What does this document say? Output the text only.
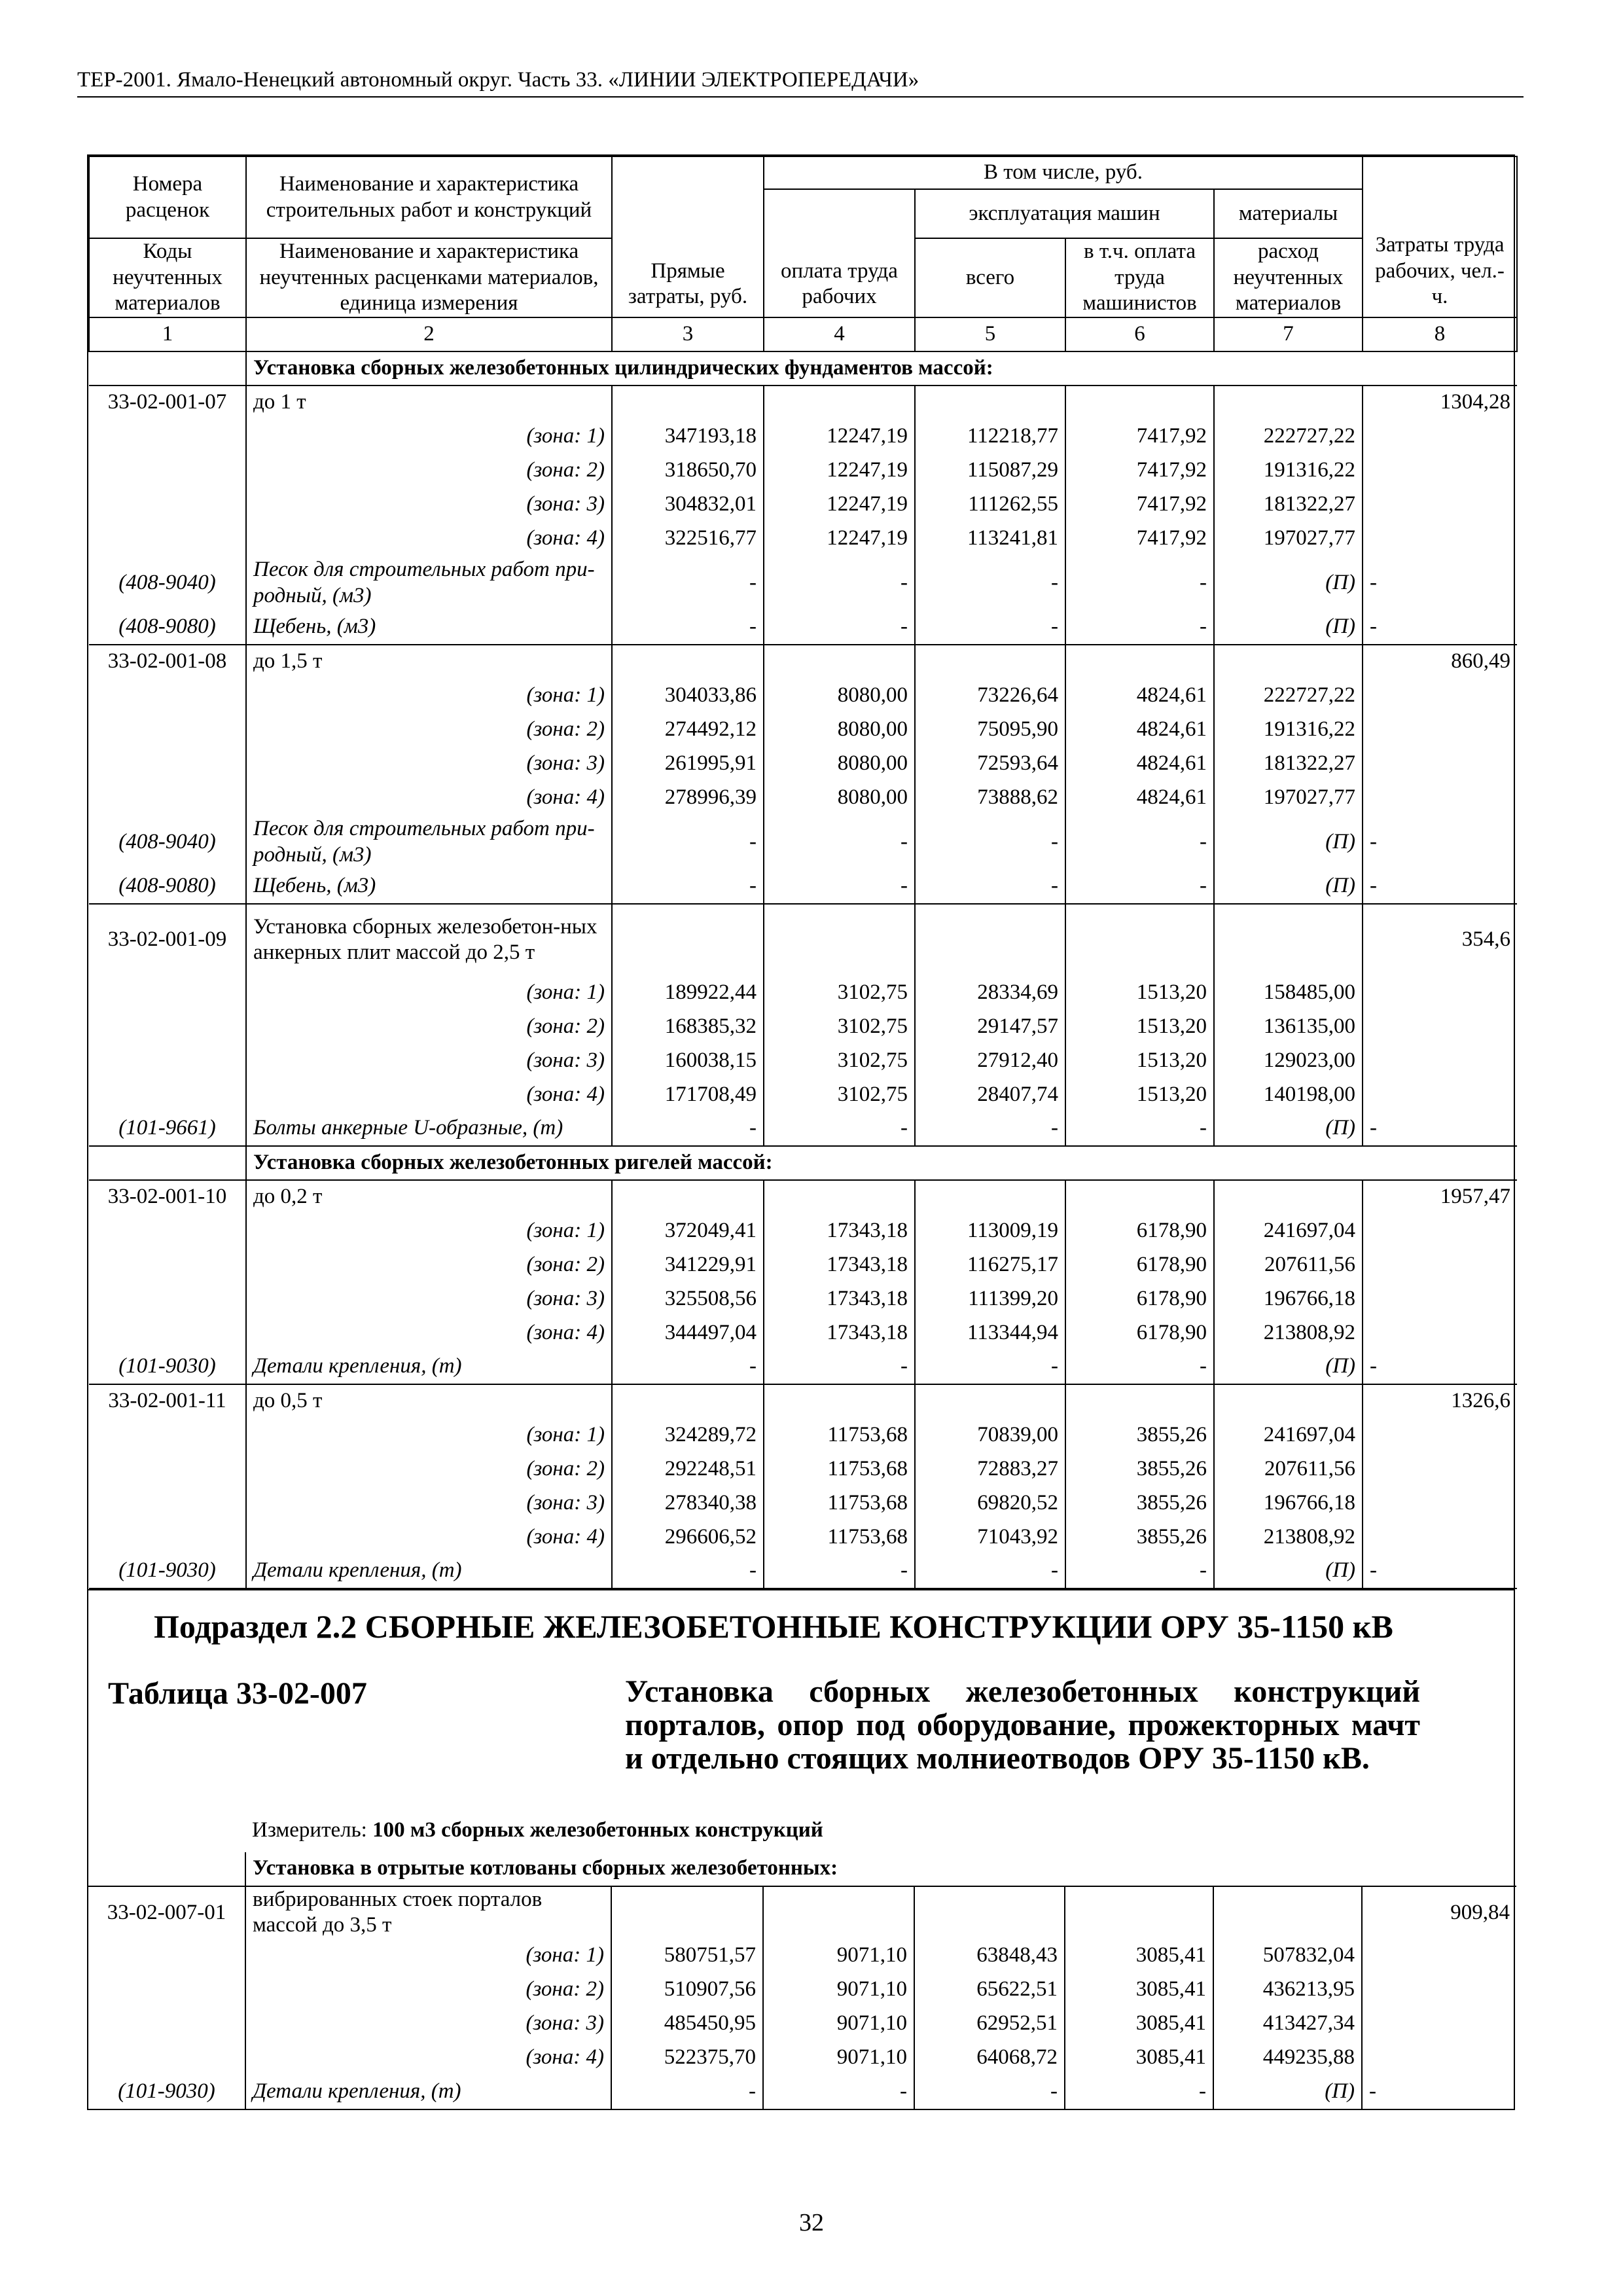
ТЕР-2001. Ямало-Ненецкий автономный округ. Часть 33. «ЛИНИИ ЭЛЕКТРОПЕРЕДАЧИ»
Номера расценок	Наименование и характеристика строительных работ и конструкций	Прямые затраты, руб.	В том числе, руб.				Затраты труда рабочих, чел.-ч.
			оплата труда рабочих	эксплуатация машин		материалы	
Коды неучтенных материалов	Наименование и характеристика неучтенных расценками материалов, единица измерения			всего	в т.ч. оплата труда машинистов	расход неучтенных материалов	

1	2	3	4	5	6	7	8
	Установка сборных железобетонных цилиндрических фундаментов массой:						
33-02-001-07	до 1 т						1304,28
	(зона: 1)	347193,18	12247,19	112218,77	7417,92	222727,22	
	(зона: 2)	318650,70	12247,19	115087,29	7417,92	191316,22	
	(зона: 3)	304832,01	12247,19	111262,55	7417,92	181322,27	
	(зона: 4)	322516,77	12247,19	113241,81	7417,92	197027,77	
(408-9040)	Песок для строительных работ при-родный, (м3)	-	-	-	-	(П)	-
(408-9080)	Щебень, (м3)	-	-	-	-	(П)	-
33-02-001-08	до 1,5 т						860,49
	(зона: 1)	304033,86	8080,00	73226,64	4824,61	222727,22	
	(зона: 2)	274492,12	8080,00	75095,90	4824,61	191316,22	
	(зона: 3)	261995,91	8080,00	72593,64	4824,61	181322,27	
	(зона: 4)	278996,39	8080,00	73888,62	4824,61	197027,77	
(408-9040)	Песок для строительных работ при-родный, (м3)	-	-	-	-	(П)	-
(408-9080)	Щебень, (м3)	-	-	-	-	(П)	-
33-02-001-09	Установка сборных железобетон-ных анкерных плит массой до 2,5 т						354,6
	(зона: 1)	189922,44	3102,75	28334,69	1513,20	158485,00	
	(зона: 2)	168385,32	3102,75	29147,57	1513,20	136135,00	
	(зона: 3)	160038,15	3102,75	27912,40	1513,20	129023,00	
	(зона: 4)	171708,49	3102,75	28407,74	1513,20	140198,00	
(101-9661)	Болты анкерные U-образные, (т)	-	-	-	-	(П)	-
	Установка сборных железобетонных ригелей массой:						
33-02-001-10	до 0,2 т						1957,47
	(зона: 1)	372049,41	17343,18	113009,19	6178,90	241697,04	
	(зона: 2)	341229,91	17343,18	116275,17	6178,90	207611,56	
	(зона: 3)	325508,56	17343,18	111399,20	6178,90	196766,18	
	(зона: 4)	344497,04	17343,18	113344,94	6178,90	213808,92	
(101-9030)	Детали крепления, (т)	-	-	-	-	(П)	-
33-02-001-11	до 0,5 т						1326,6
	(зона: 1)	324289,72	11753,68	70839,00	3855,26	241697,04	
	(зона: 2)	292248,51	11753,68	72883,27	3855,26	207611,56	
	(зона: 3)	278340,38	11753,68	69820,52	3855,26	196766,18	
	(зона: 4)	296606,52	11753,68	71043,92	3855,26	213808,92	
(101-9030)	Детали крепления, (т)	-	-	-	-	(П)	-
Подраздел 2.2 СБОРНЫЕ ЖЕЛЕЗОБЕТОННЫЕ КОНСТРУКЦИИ ОРУ 35-1150 кВ
Таблица 33-02-007	Установка сборных железобетонных конструкций порталов, опор под оборудование, прожекторных мачт и отдельно стоящих молниеотводов ОРУ 35-1150 кВ.
Измеритель: 100 м3 сборных железобетонных конструкций
	Установка в отрытые котлованы сборных железобетонных:						
33-02-007-01	вибрированных стоек порталов массой до 3,5 т						909,84
	(зона: 1)	580751,57	9071,10	63848,43	3085,41	507832,04	
	(зона: 2)	510907,56	9071,10	65622,51	3085,41	436213,95	
	(зона: 3)	485450,95	9071,10	62952,51	3085,41	413427,34	
	(зона: 4)	522375,70	9071,10	64068,72	3085,41	449235,88	
(101-9030)	Детали крепления, (т)	-	-	-	-	(П)	-
32
